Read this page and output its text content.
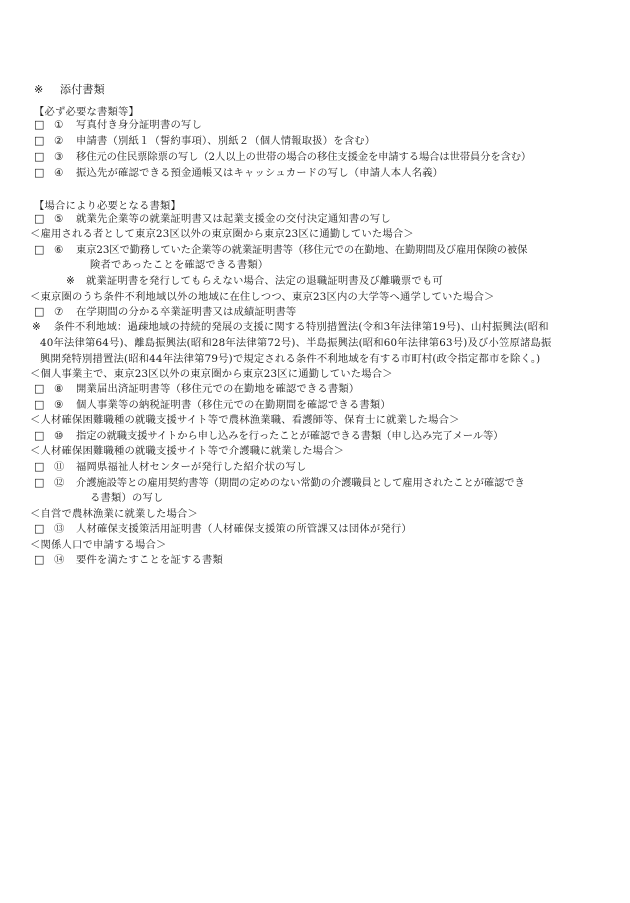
※ 添付書類
【必ず必要な書類等】
□ ① 写真付き身分証明書の写し
□ ② 申請書（別紙１（誓約事項）、別紙２（個人情報取扱）を含む）
□ ③ 移住元の住民票除票の写し（2人以上の世帯の場合の移住支援金を申請する場合は世帯員分を含む）
□ ④ 振込先が確認できる預金通帳又はキャッシュカードの写し（申請人本人名義）
【場合により必要となる書類】
□ ⑤ 就業先企業等の就業証明書又は起業支援金の交付決定通知書の写し
＜雇用される者として東京23区以外の東京圏から東京23区に通勤していた場合＞
□ ⑥ 東京23区で勤務していた企業等の就業証明書等（移住元での在勤地、在勤期間及び雇用保険の被保
険者であったことを確認できる書類）
※ 就業証明書を発行してもらえない場合、法定の退職証明書及び離職票でも可
＜東京圏のうち条件不利地域以外の地域に在住しつつ、東京23区内の大学等へ通学していた場合＞
□ ⑦ 在学期間の分かる卒業証明書又は成績証明書等
※ 条件不利地域：過疎地域の持続的発展の支援に関する特別措置法(令和3年法律第19号)、山村振興法(昭和
40年法律第64号)、離島振興法(昭和28年法律第72号)、半島振興法(昭和60年法律第63号)及び小笠原諸島振
興開発特別措置法(昭和44年法律第79号)で規定される条件不利地域を有する市町村(政令指定都市を除く。)
＜個人事業主で、東京23区以外の東京圏から東京23区に通勤していた場合＞
□ ⑧ 開業届出済証明書等（移住元での在勤地を確認できる書類）
□ ⑨ 個人事業等の納税証明書（移住元での在勤期間を確認できる書類）
＜人材確保困難職種の就職支援サイト等で農林漁業職、看護師等、保育士に就業した場合＞
□ ⑩ 指定の就職支援サイトから申し込みを行ったことが確認できる書類（申し込み完了メール等）
＜人材確保困難職種の就職支援サイト等で介護職に就業した場合＞
□ ⑪ 福岡県福祉人材センターが発行した紹介状の写し
□ ⑫ 介護施設等との雇用契約書等（期間の定めのない常勤の介護職員として雇用されたことが確認でき
る書類）の写し
＜自営で農林漁業に就業した場合＞
□ ⑬ 人材確保支援策活用証明書（人材確保支援策の所管課又は団体が発行）
＜関係人口で申請する場合＞
□ ⑭ 要件を満たすことを証する書類
